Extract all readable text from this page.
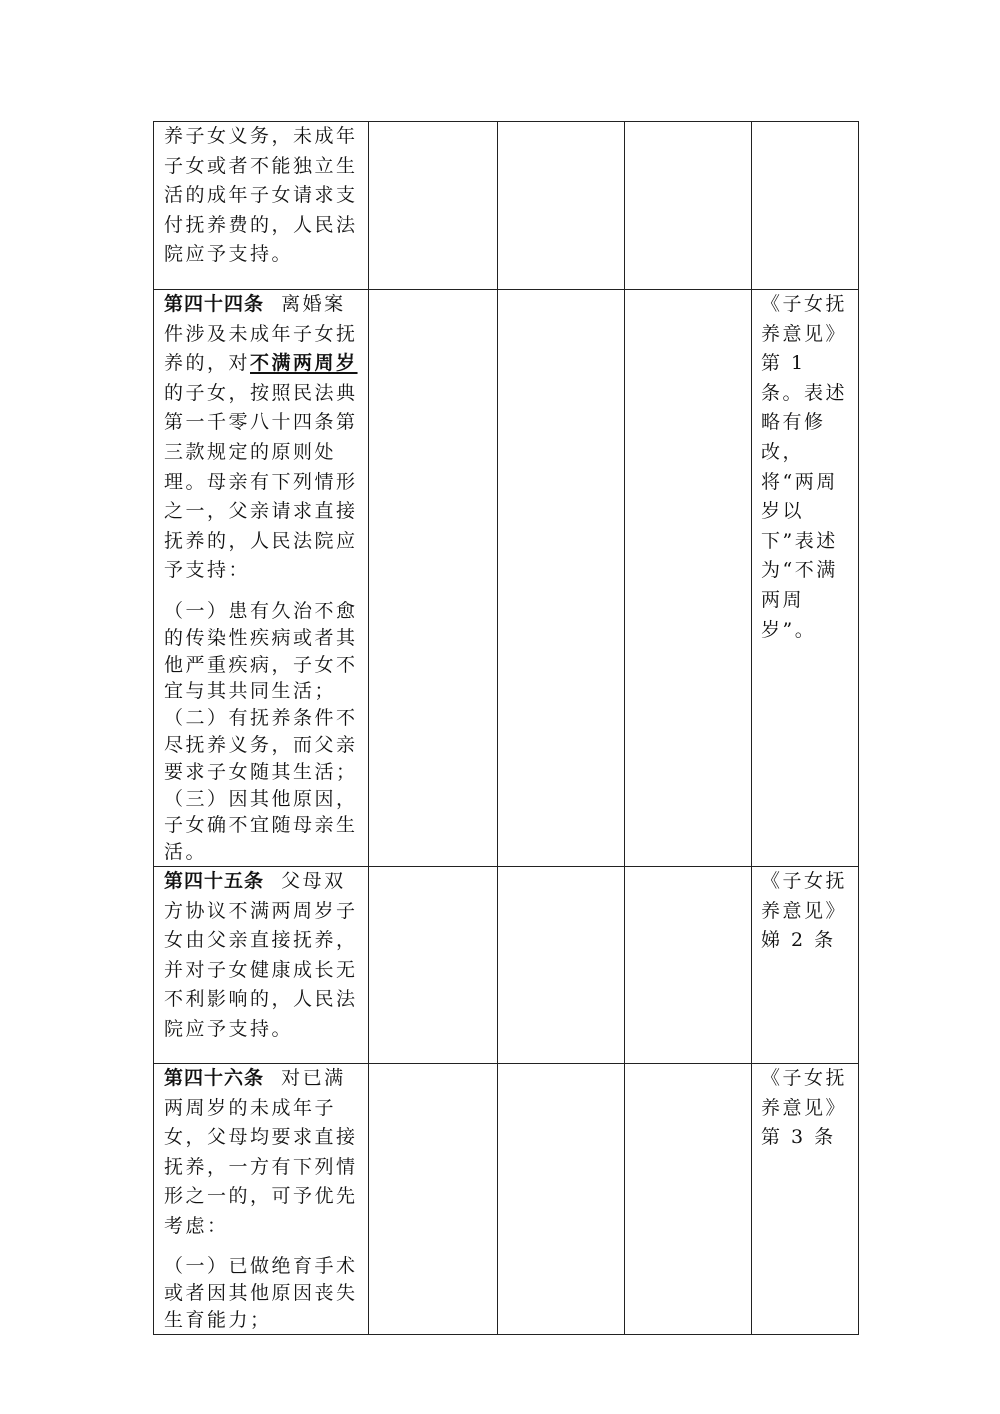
养子女义务，未成年子女或者不能独立生活的成年子女请求支付抚养费的，人民法院应予支持。				

第四十四条 离婚案件涉及未成年子女抚养的，对不满两周岁的子女，按照民法典第一千零八十四条第三款规定的原则处理。母亲有下列情形之一，父亲请求直接抚养的，人民法院应予支持：
（一）患有久治不愈的传染性疾病或者其他严重疾病，子女不宜与其共同生活；
（二）有抚养条件不尽抚养义务，而父亲要求子女随其生活；
（三）因其他原因，子女确不宜随母亲生活。				《子女抚养意见》第 1 条。表述略有修改，将“两周岁以下”表述为“不满两周岁”。

第四十五条 父母双方协议不满两周岁子女由父亲直接抚养，并对子女健康成长无不利影响的，人民法院应予支持。				《子女抚养意见》娣 2 条

第四十六条 对已满两周岁的未成年子女，父母均要求直接抚养，一方有下列情形之一的，可予优先考虑：
（一）已做绝育手术或者因其他原因丧失生育能力；				《子女抚养意见》第 3 条
